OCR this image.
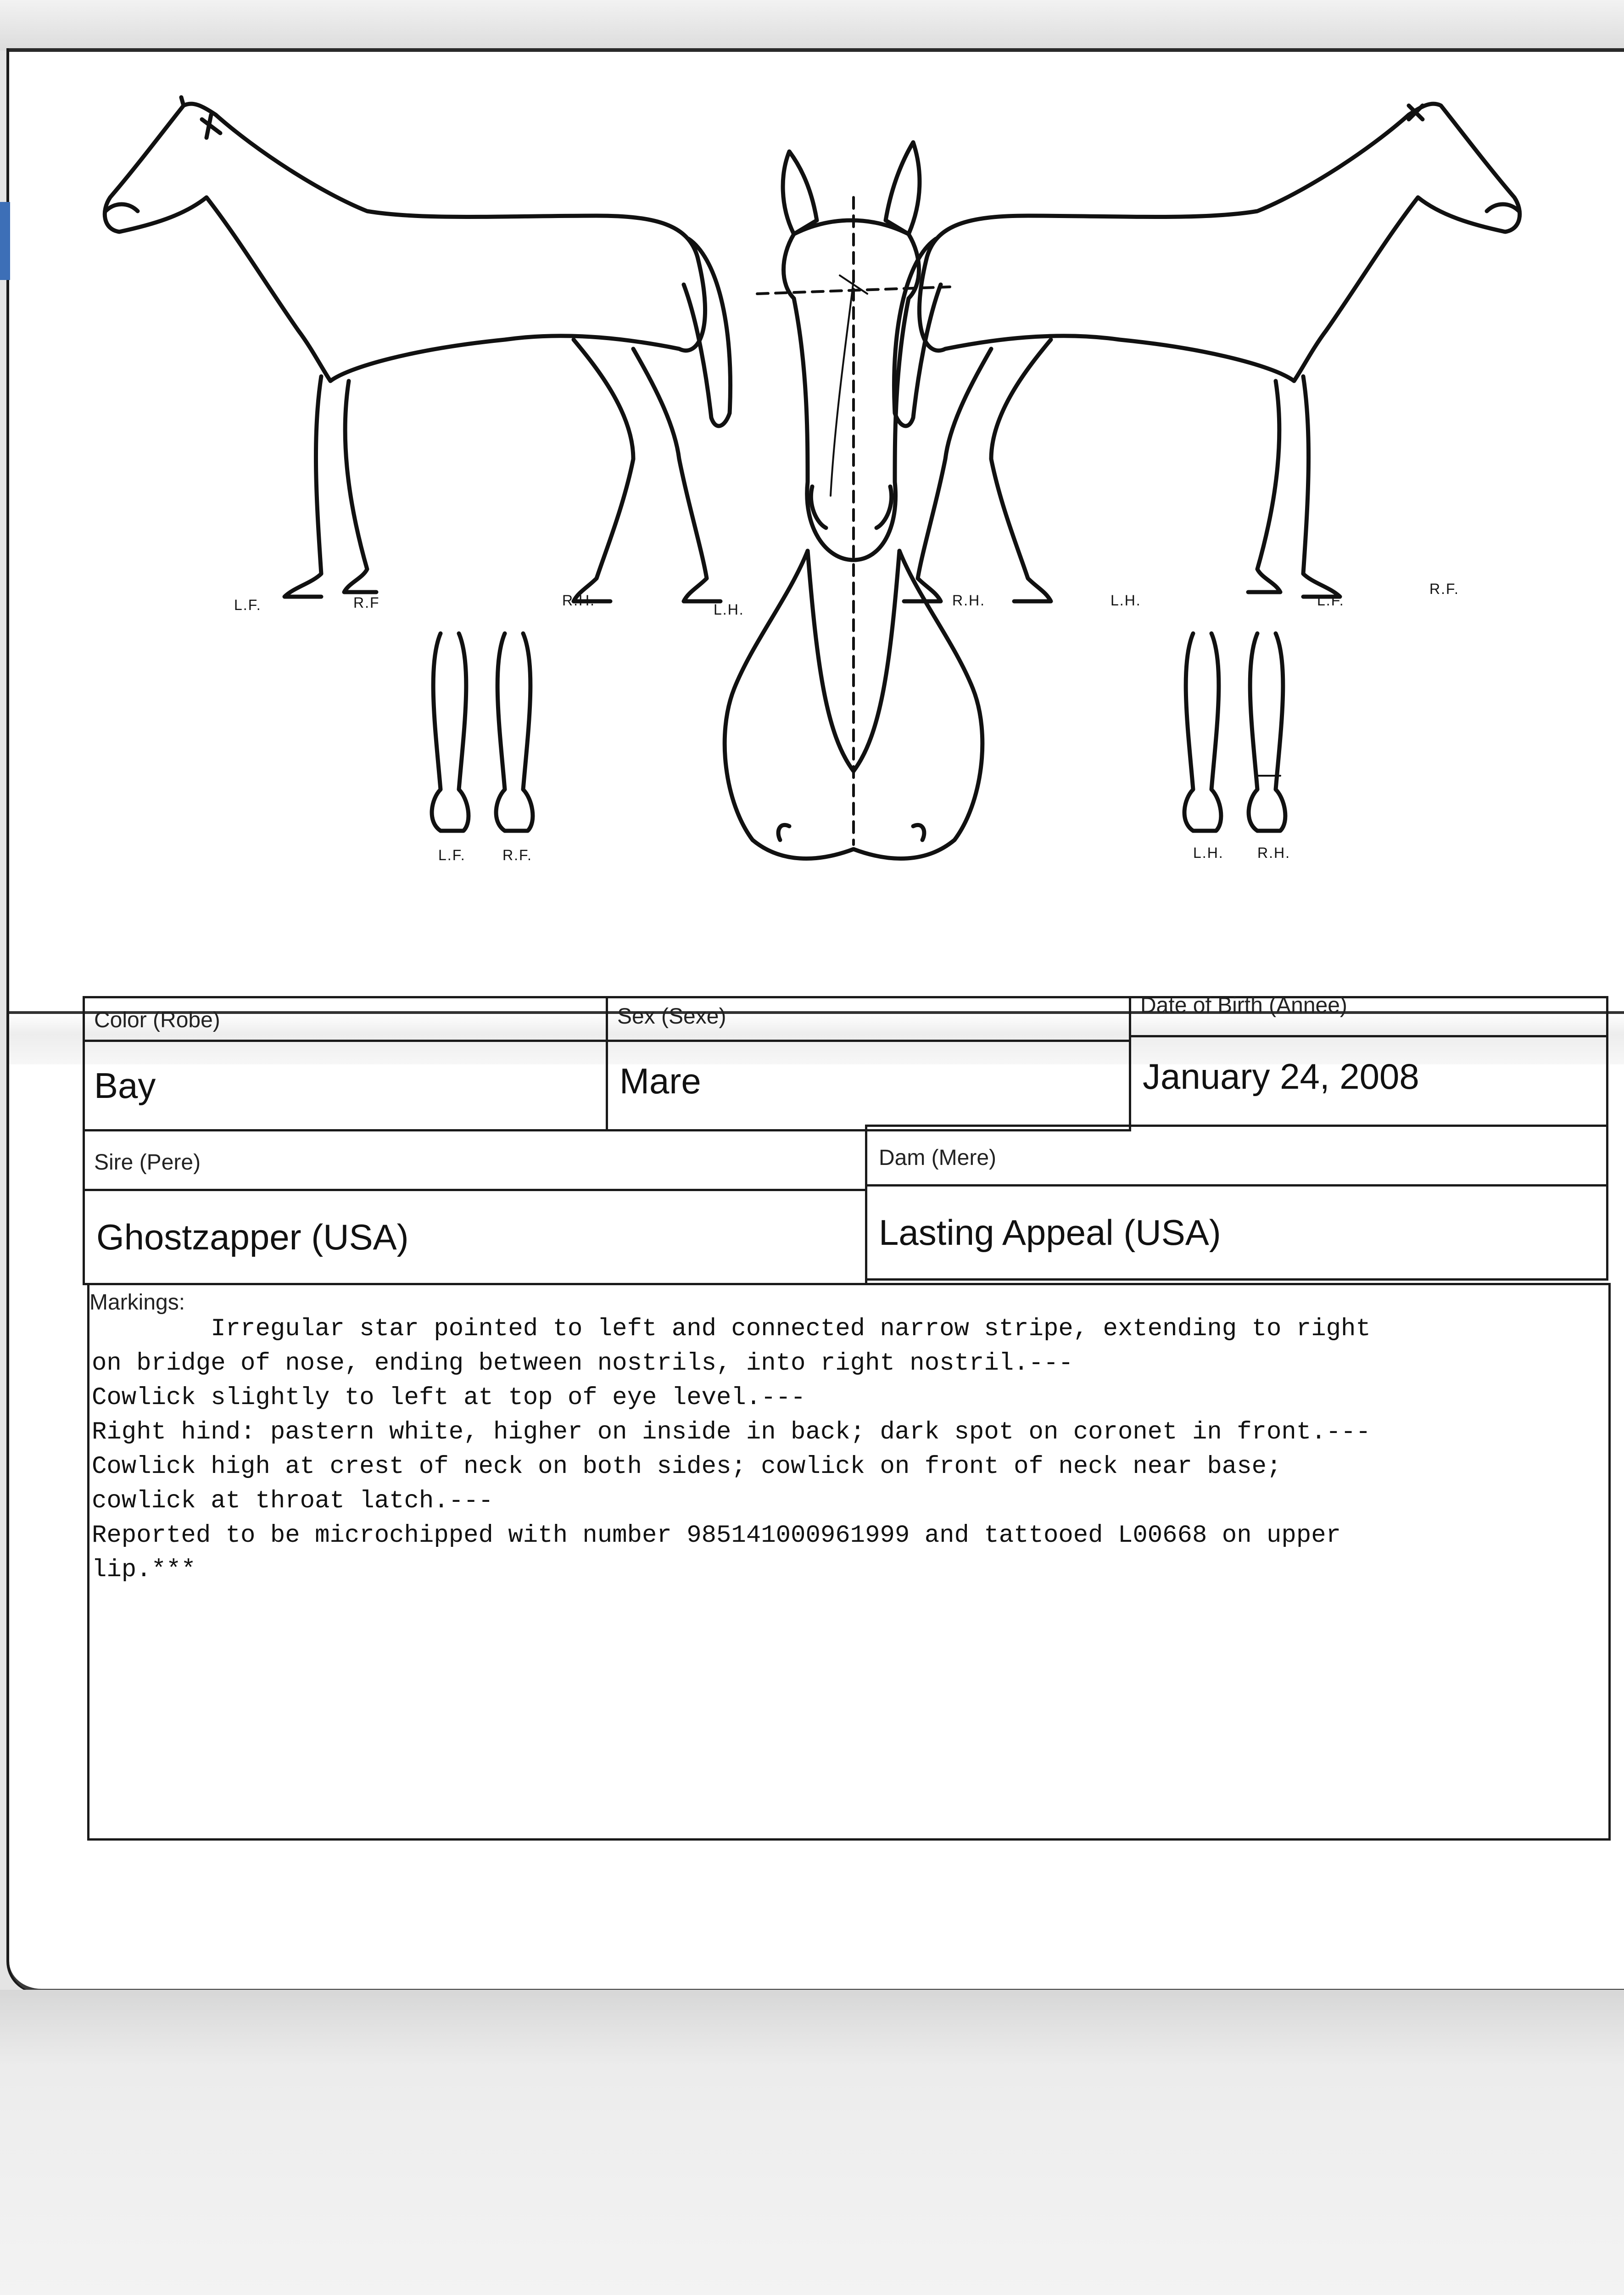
L.F.	R.F	R.H.
L.H.
R.H.	L.H.	L.F.
R.F.
L.F.	R.F.	L.H. R.H.
Color (Robe)	Sex (Sexe)	Date of Birth (Annee)
Bay	Mare	January 24, 2008
Sire (Pere)	Dam (Mere)
Ghostzapper (USA)	Lasting Appeal (USA)
Markings:
Irregular star pointed to left and connected narrow stripe, extending to right
on bridge of nose, ending between nostrils, into right nostril.---
Cowlick slightly to left at top of eye level.---
Right hind: pastern white, higher on inside in back; dark spot on coronet in front.---
Cowlick high at crest of neck on both sides; cowlick on front of neck near base;
cowlick at throat latch.---
Reported to be microchipped with number 985141000961999 and tattooed L00668 on upper
lip.***
